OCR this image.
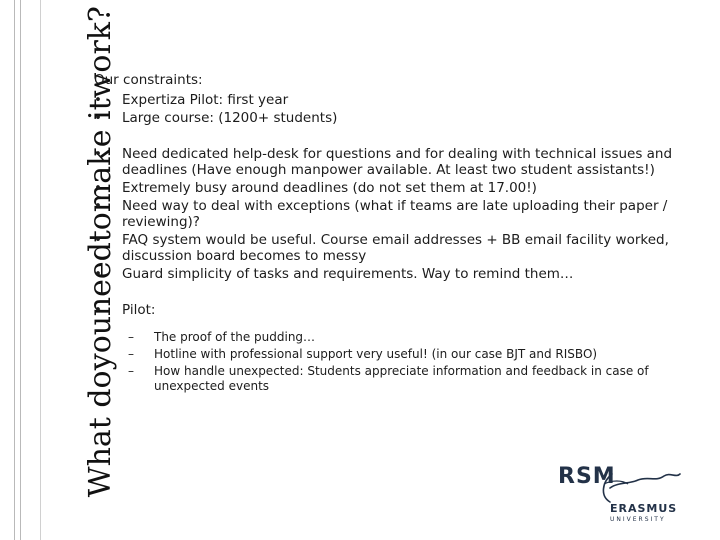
Wha
t do
you
need
to
mak
e it
wor
k?
Our constraints:
• Expertiza Pilot: first year
• Large course: (1200+ students)
• Need dedicated help-desk for questions and for dealing with technical issues and deadlines (Have enough manpower available. At least two student assistants!)
• Extremely busy around deadlines (do not set them at 17.00!)
• Need way to deal with exceptions (what if teams are late uploading their paper / reviewing)?
• FAQ system would be useful. Course email addresses + BB email facility worked, discussion board becomes to messy
• Guard simplicity of tasks and requirements. Way to remind them…
• Pilot:
– The proof of the pudding…
– Hotline with professional support very useful! (in our case BJT and RISBO)
– How handle unexpected: Students appreciate information and feedback in case of unexpected events
RSM
ERASMUS
UNIVERSITY
